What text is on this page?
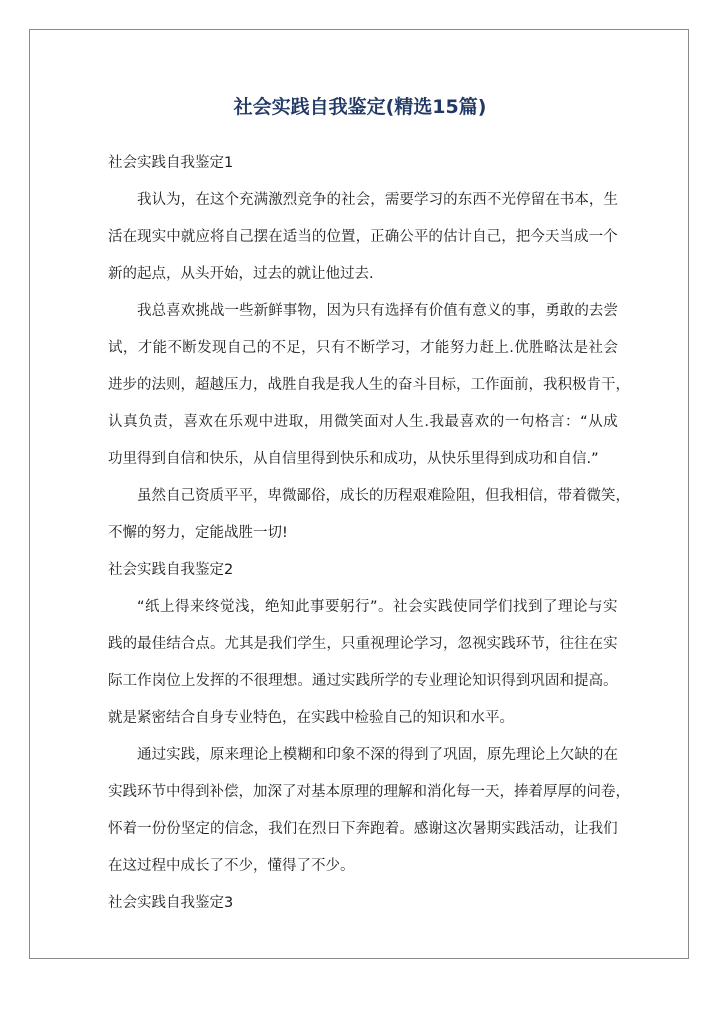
社会实践自我鉴定(精选15篇)
社会实践自我鉴定1
我 认 为 ， 在 这 个 充 满 激 烈 竞 争 的 社 会 ， 需 要 学 习 的 东 西 不 光 停 留 在 书 本 ， 生
活 在 现 实 中 就 应 将 自 己 摆 在 适 当 的 位 置 ， 正 确 公 平 的 估 计 自 己 ， 把 今 天 当 成 一 个
新 的 起 点 ， 从 头 开 始 ， 过 去 的 就 让 他 过 去 .
我 总 喜 欢 挑 战 一 些 新 鲜 事 物 ， 因 为 只 有 选 择 有 价 值 有 意 义 的 事 ， 勇 敢 的 去 尝
试 ， 才 能 不 断 发 现 自 己 的 不 足 ， 只 有 不 断 学 习 ， 才 能 努 力 赶 上 . 优 胜 略 汰 是 社 会
进 步 的 法 则 ， 超 越 压 力 ， 战 胜 自 我 是 我 人 生 的 奋 斗 目 标 ， 工 作 面 前 ， 我 积 极 肯 干 ，
认 真 负 责 ， 喜 欢 在 乐 观 中 进 取 ， 用 微 笑 面 对 人 生 . 我 最 喜 欢 的 一 句 格 言 ： “ 从 成
功 里 得 到 自 信 和 快 乐 ， 从 自 信 里 得 到 快 乐 和 成 功 ， 从 快 乐 里 得 到 成 功 和 自 信 . ”
虽 然 自 己 资 质 平 平 ， 卑 微 鄙 俗 ， 成 长 的 历 程 艰 难 险 阻 ， 但 我 相 信 ， 带 着 微 笑 ，
不 懈 的 努 力 ， 定 能 战 胜 一 切 !
社会实践自我鉴定2
“ 纸 上 得 来 终 觉 浅 ， 绝 知 此 事 要 躬 行 ” 。 社 会 实 践 使 同 学 们 找 到 了 理 论 与 实
践 的 最 佳 结 合 点 。 尤 其 是 我 们 学 生 ， 只 重 视 理 论 学 习 ， 忽 视 实 践 环 节 ， 往 往 在 实
际 工 作 岗 位 上 发 挥 的 不 很 理 想 。 通 过 实 践 所 学 的 专 业 理 论 知 识 得 到 巩 固 和 提 高 。
就 是 紧 密 结 合 自 身 专 业 特 色 ， 在 实 践 中 检 验 自 己 的 知 识 和 水 平 。
通 过 实 践 ， 原 来 理 论 上 模 糊 和 印 象 不 深 的 得 到 了 巩 固 ， 原 先 理 论 上 欠 缺 的 在
实 践 环 节 中 得 到 补 偿 ， 加 深 了 对 基 本 原 理 的 理 解 和 消 化 每 一 天 ， 捧 着 厚 厚 的 问 卷 ，
怀 着 一 份 份 坚 定 的 信 念 ， 我 们 在 烈 日 下 奔 跑 着 。 感 谢 这 次 暑 期 实 践 活 动 ， 让 我 们
在 这 过 程 中 成 长 了 不 少 ， 懂 得 了 不 少 。
社会实践自我鉴定3
